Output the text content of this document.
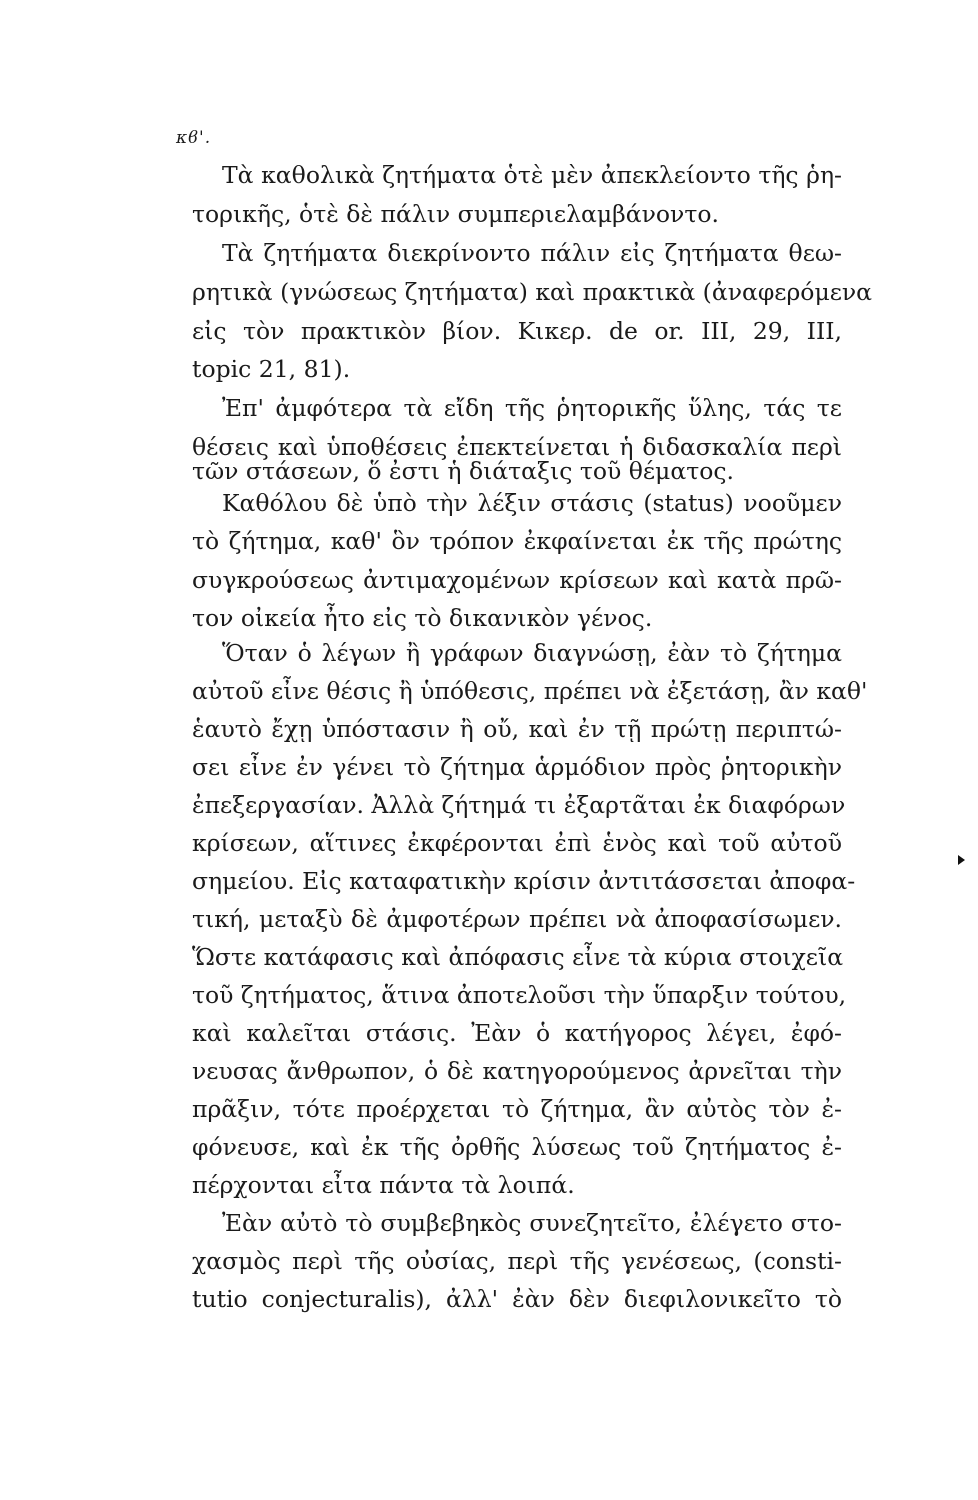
κϐ'.
Τὰ καθολικὰ ζητήματα ὁτὲ μὲν ἀπεκλείοντο τῆς ῥη-
τορικῆς, ὁτὲ δὲ πάλιν συμπεριελαμβάνοντο.
Τὰ ζητήματα διεκρίνοντο πάλιν εἰς ζητήματα θεω-
ρητικὰ (γνώσεως ζητήματα) καὶ πρακτικὰ (ἀναφερόμενα
εἰς τὸν πρακτικὸν βίον. Κικερ. de or. III, 29, III,
topic 21, 81).
Ἐπ' ἀμφότερα τὰ εἴδη τῆς ῥητορικῆς ὕλης, τάς τε
θέσεις καὶ ὑποθέσεις ἐπεκτείνεται ἡ διδασκαλία περὶ
τῶν στάσεων, ὅ ἐστι ἡ διάταξις τοῦ θέματος.
Καθόλου δὲ ὑπὸ τὴν λέξιν στάσις (status) νοοῦμεν
τὸ ζήτημα, καθ' ὃν τρόπον ἐκφαίνεται ἐκ τῆς πρώτης
συγκρούσεως ἀντιμαχομένων κρίσεων καὶ κατὰ πρῶ-
τον οἰκεία ἦτο εἰς τὸ δικανικὸν γένος.
Ὅταν ὁ λέγων ἢ γράφων διαγνώσῃ, ἐὰν τὸ ζήτημα
αὐτοῦ εἶνε θέσις ἢ ὑπόθεσις, πρέπει νὰ ἐξετάσῃ, ἂν καθ'
ἑαυτὸ ἔχῃ ὑπόστασιν ἢ οὔ, καὶ ἐν τῇ πρώτῃ περιπτώ-
σει εἶνε ἐν γένει τὸ ζήτημα ἁρμόδιον πρὸς ῥητορικὴν
ἐπεξεργασίαν. Ἀλλὰ ζήτημά τι ἐξαρτᾶται ἐκ διαφόρων
κρίσεων, αἵτινες ἐκφέρονται ἐπὶ ἑνὸς καὶ τοῦ αὐτοῦ
σημείου. Εἰς καταφατικὴν κρίσιν ἀντιτάσσεται ἀποφα-
τική, μεταξὺ δὲ ἀμφοτέρων πρέπει νὰ ἀποφασίσωμεν.
Ὥστε κατάφασις καὶ ἀπόφασις εἶνε τὰ κύρια στοιχεῖα
τοῦ ζητήματος, ἅτινα ἀποτελοῦσι τὴν ὕπαρξιν τούτου,
καὶ καλεῖται στάσις. Ἐὰν ὁ κατήγορος λέγει, ἐφό-
νευσας ἄνθρωπον, ὁ δὲ κατηγορούμενος ἀρνεῖται τὴν
πρᾶξιν, τότε προέρχεται τὸ ζήτημα, ἂν αὐτὸς τὸν ἐ-
φόνευσε, καὶ ἐκ τῆς ὀρθῆς λύσεως τοῦ ζητήματος ἐ-
πέρχονται εἶτα πάντα τὰ λοιπά.
Ἐὰν αὐτὸ τὸ συμβεβηκὸς συνεζητεῖτο, ἐλέγετο στο-
χασμὸς περὶ τῆς οὐσίας, περὶ τῆς γενέσεως, (consti-
tutio conjecturalis), ἀλλ' ἐὰν δὲν διεφιλονικεῖτο τὸ
